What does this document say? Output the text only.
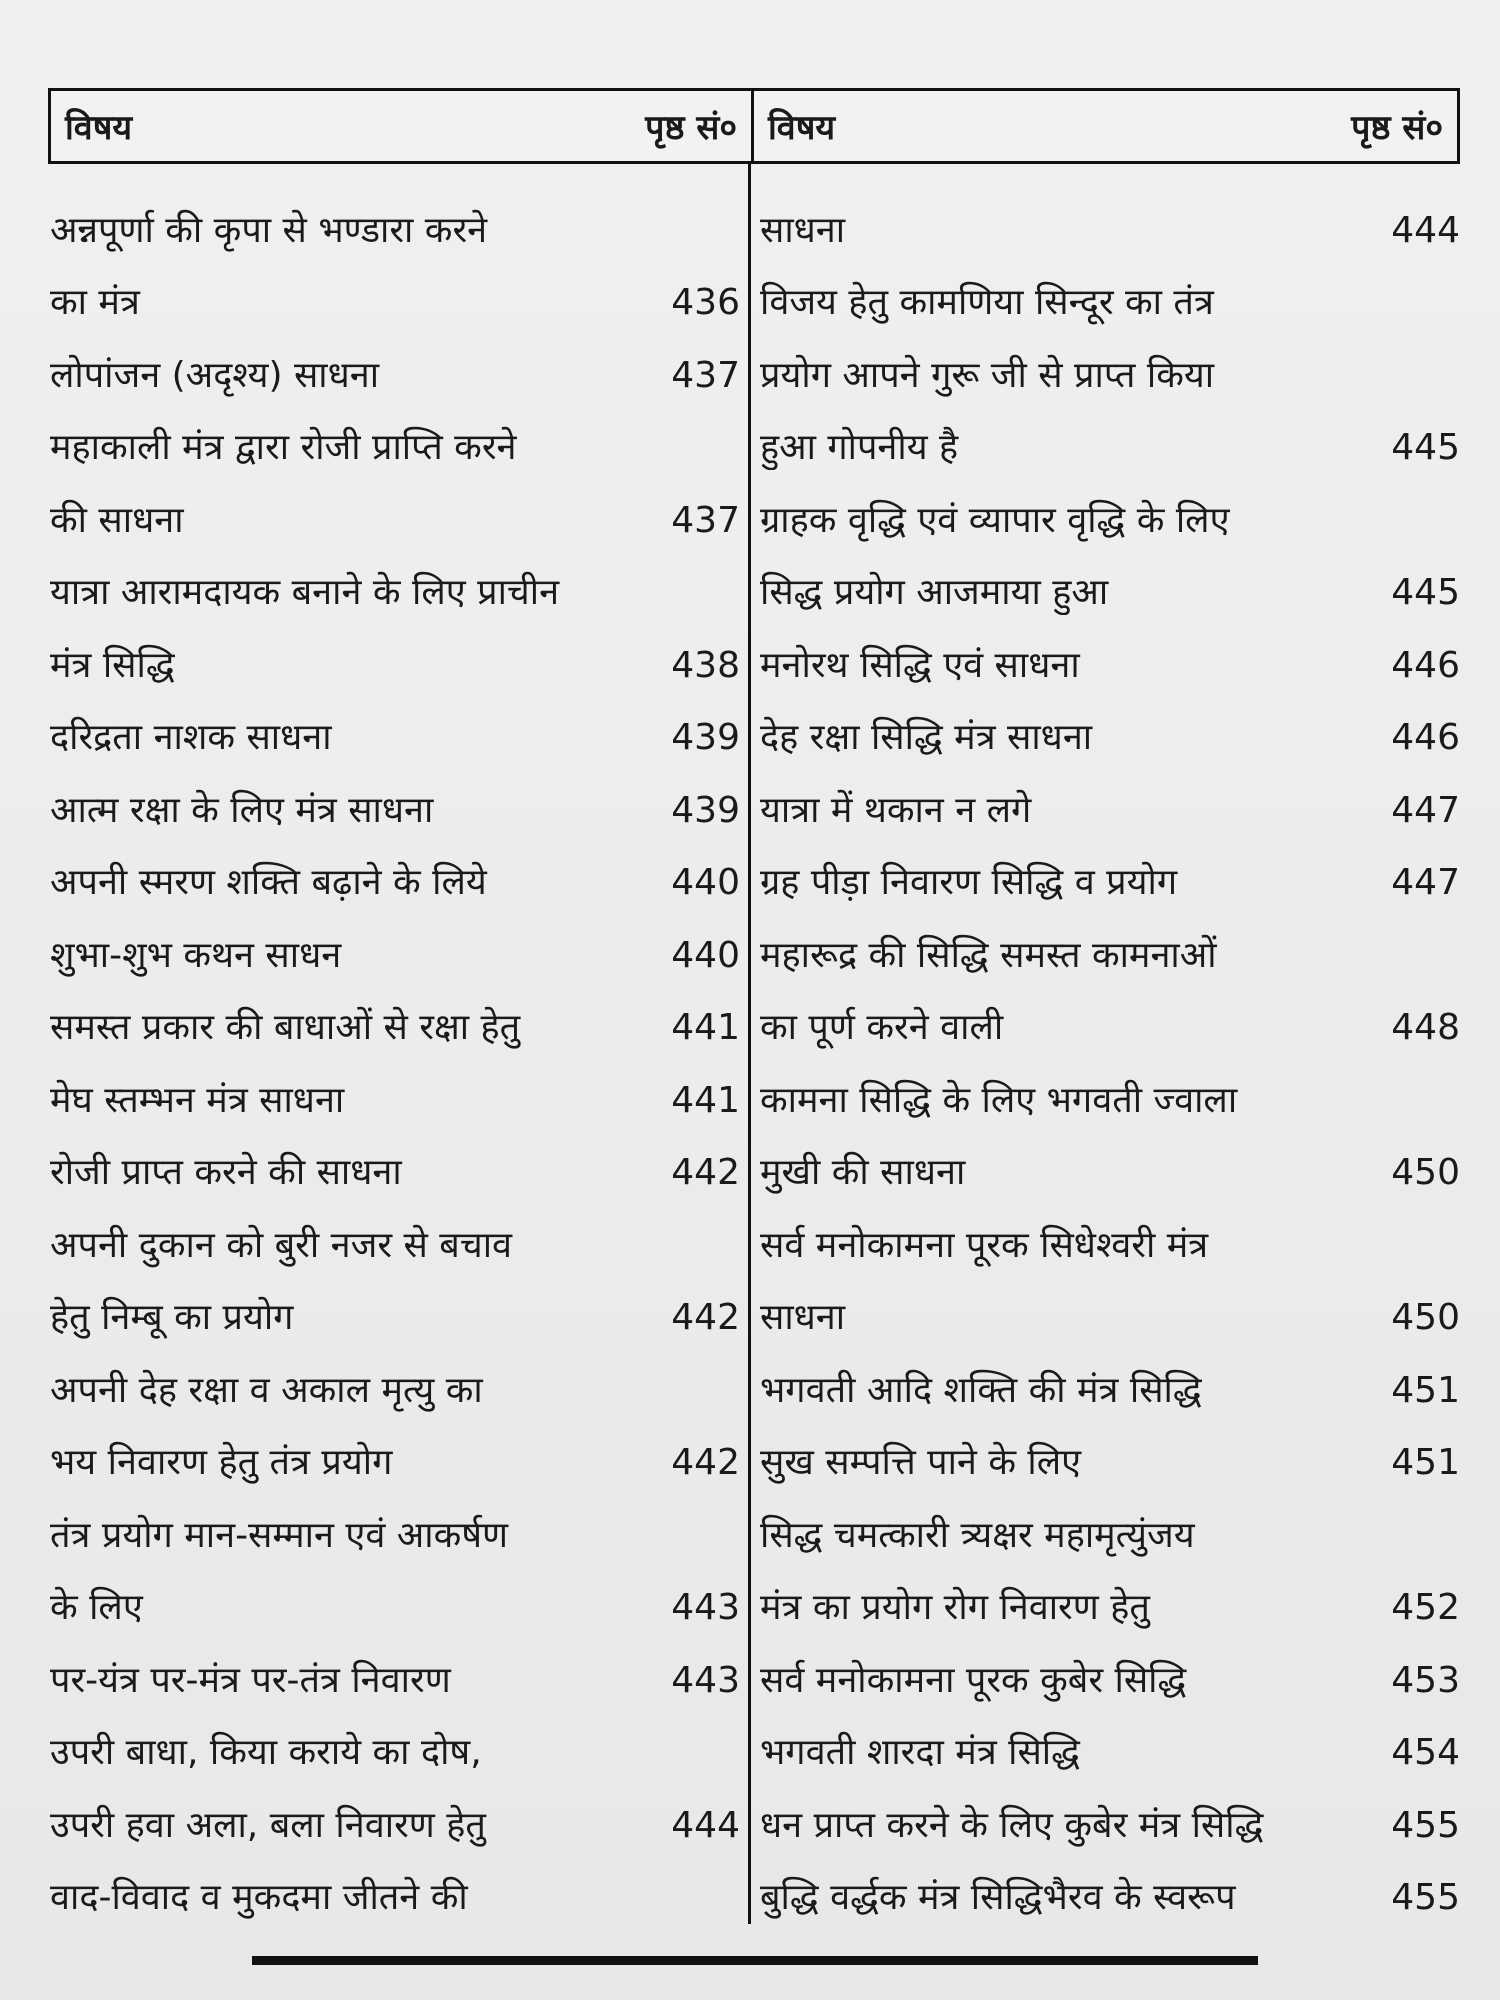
विषय	पृष्ठ सं० विषय	पृष्ठ सं०
अन्नपूर्णा की कृपा से भण्डारा करने
का मंत्र	436
लोपांजन (अदृश्य) साधना	437
महाकाली मंत्र द्वारा रोजी प्राप्ति करने
की साधना	437
यात्रा आरामदायक बनाने के लिए प्राचीन
मंत्र सिद्धि	438
दरिद्रता नाशक साधना	439
आत्म रक्षा के लिए मंत्र साधना	439
अपनी स्मरण शक्ति बढ़ाने के लिये	440
शुभा-शुभ कथन साधन	440
समस्त प्रकार की बाधाओं से रक्षा हेतु	441
मेघ स्तम्भन मंत्र साधना	441
रोजी प्राप्त करने की साधना	442
अपनी दुकान को बुरी नजर से बचाव
हेतु निम्बू का प्रयोग	442
अपनी देह रक्षा व अकाल मृत्यु का
भय निवारण हेतु तंत्र प्रयोग	442
तंत्र प्रयोग मान-सम्मान एवं आकर्षण
के लिए	443
पर-यंत्र पर-मंत्र पर-तंत्र निवारण	443
उपरी बाधा, किया कराये का दोष,
उपरी हवा अला, बला निवारण हेतु	444
वाद-विवाद व मुकदमा जीतने की
साधना	444
विजय हेतु कामणिया सिन्दूर का तंत्र
प्रयोग आपने गुरू जी से प्राप्त किया
हुआ गोपनीय है	445
ग्राहक वृद्धि एवं व्यापार वृद्धि के लिए
सिद्ध प्रयोग आजमाया हुआ	445
मनोरथ सिद्धि एवं साधना	446
देह रक्षा सिद्धि मंत्र साधना	446
यात्रा में थकान न लगे	447
ग्रह पीड़ा निवारण सिद्धि व प्रयोग	447
महारूद्र की सिद्धि समस्त कामनाओं
का पूर्ण करने वाली	448
कामना सिद्धि के लिए भगवती ज्वाला
मुखी की साधना	450
सर्व मनोकामना पूरक सिधेश्वरी मंत्र
साधना	450
भगवती आदि शक्ति की मंत्र सिद्धि	451
सुख सम्पत्ति पाने के लिए	451
सिद्ध चमत्कारी त्र्यक्षर महामृत्युंजय
मंत्र का प्रयोग रोग निवारण हेतु	452
सर्व मनोकामना पूरक कुबेर सिद्धि	453
भगवती शारदा मंत्र सिद्धि	454
धन प्राप्त करने के लिए कुबेर मंत्र सिद्धि	455
बुद्धि वर्द्धक मंत्र सिद्धिभैरव के स्वरूप	455
